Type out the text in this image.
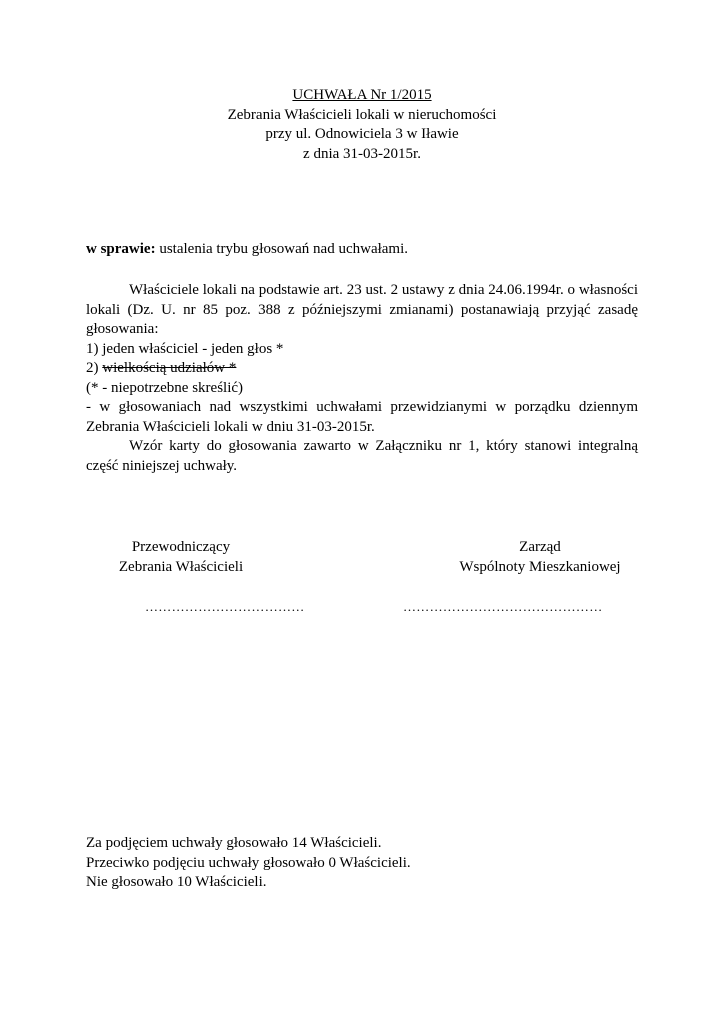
UCHWAŁA Nr 1/2015
Zebrania Właścicieli lokali w nieruchomości
przy ul. Odnowiciela 3 w Iławie
z dnia 31-03-2015r.
w sprawie: ustalenia trybu głosowań nad uchwałami.
Właściciele lokali na podstawie art. 23 ust. 2 ustawy z dnia 24.06.1994r. o własności lokali (Dz. U. nr 85 poz. 388 z późniejszymi zmianami) postanawiają przyjąć zasadę głosowania:
1) jeden właściciel - jeden głos *
2) wielkością udziałów *
(* - niepotrzebne skreślić)
- w głosowaniach nad wszystkimi uchwałami przewidzianymi w porządku dziennym Zebrania Właścicieli lokali w dniu 31-03-2015r.
Wzór karty do głosowania zawarto w Załączniku nr 1, który stanowi integralną część niniejszej uchwały.
Przewodniczący
Zebrania Właścicieli
Zarząd
Wspólnoty Mieszkaniowej
………………………………	………………………………………
Za podjęciem uchwały głosowało 14 Właścicieli.
Przeciwko podjęciu uchwały głosowało 0 Właścicieli.
Nie głosowało 10 Właścicieli.
